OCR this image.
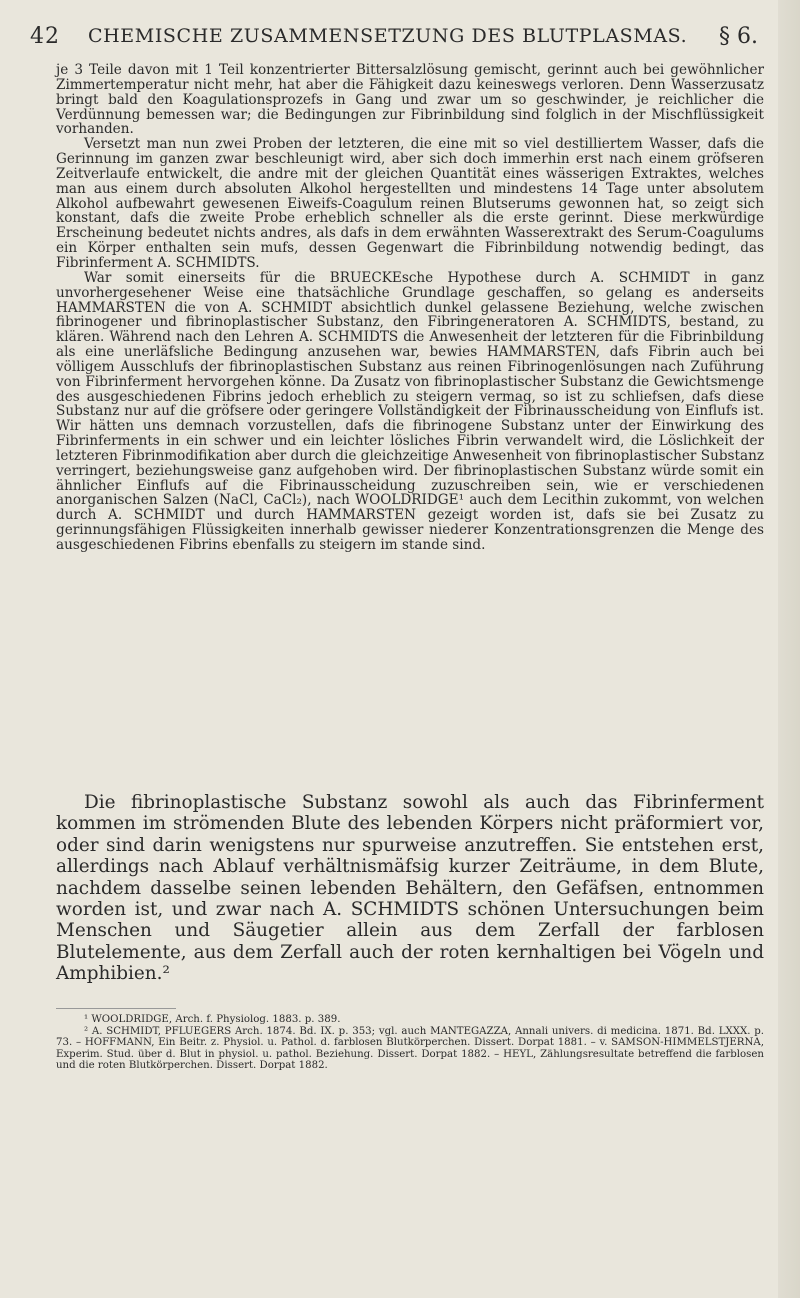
42 CHEMISCHE ZUSAMMENSETZUNG DES BLUTPLASMAS. § 6.

je 3 Teile davon mit 1 Teil konzentrierter Bittersalzlösung gemischt, gerinnt auch bei gewöhnlicher Zimmertemperatur nicht mehr, hat aber die Fähigkeit dazu keineswegs verloren. Denn Wasserzusatz bringt bald den Koagulationsprozefs in Gang und zwar um so geschwinder, je reichlicher die Verdünnung bemessen war; die Bedingungen zur Fibrinbildung sind folglich in der Mischflüssigkeit vorhanden.

Versetzt man nun zwei Proben der letzteren, die eine mit so viel destilliertem Wasser, dafs die Gerinnung im ganzen zwar beschleunigt wird, aber sich doch immerhin erst nach einem gröfseren Zeitverlaufe entwickelt, die andre mit der gleichen Quantität eines wässerigen Extraktes, welches man aus einem durch absoluten Alkohol hergestellten und mindestens 14 Tage unter absolutem Alkohol aufbewahrt gewesenen Eiweifs-Coagulum reinen Blutserums gewonnen hat, so zeigt sich konstant, dafs die zweite Probe erheblich schneller als die erste gerinnt. Diese merkwürdige Erscheinung bedeutet nichts andres, als dafs in dem erwähnten Wasserextrakt des Serum-Coagulums ein Körper enthalten sein mufs, dessen Gegenwart die Fibrinbildung notwendig bedingt, das Fibrinferment A. SCHMIDTS.

War somit einerseits für die BRUECKEsche Hypothese durch A. SCHMIDT in ganz unvorhergesehener Weise eine thatsächliche Grundlage geschaffen, so gelang es anderseits HAMMARSTEN die von A. SCHMIDT absichtlich dunkel gelassene Beziehung, welche zwischen fibrinogener und fibrinoplastischer Substanz, den Fibringeneratoren A. SCHMIDTS, bestand, zu klären. Während nach den Lehren A. SCHMIDTS die Anwesenheit der letzteren für die Fibrinbildung als eine unerläfsliche Bedingung anzusehen war, bewies HAMMARSTEN, dafs Fibrin auch bei völligem Ausschlufs der fibrinoplastischen Substanz aus reinen Fibrinogenlösungen nach Zuführung von Fibrinferment hervorgehen könne. Da Zusatz von fibrinoplastischer Substanz die Gewichtsmenge des ausgeschiedenen Fibrins jedoch erheblich zu steigern vermag, so ist zu schliefsen, dafs diese Substanz nur auf die gröfsere oder geringere Vollständigkeit der Fibrinausscheidung von Einflufs ist. Wir hätten uns demnach vorzustellen, dafs die fibrinogene Substanz unter der Einwirkung des Fibrinferments in ein schwer und ein leichter lösliches Fibrin verwandelt wird, die Löslichkeit der letzteren Fibrinmodifikation aber durch die gleichzeitige Anwesenheit von fibrinoplastischer Substanz verringert, beziehungsweise ganz aufgehoben wird. Der fibrinoplastischen Substanz würde somit ein ähnlicher Einflufs auf die Fibrinausscheidung zuzuschreiben sein, wie er verschiedenen anorganischen Salzen (NaCl, CaCl₂), nach WOOLDRIDGE¹ auch dem Lecithin zukommt, von welchen durch A. SCHMIDT und durch HAMMARSTEN gezeigt worden ist, dafs sie bei Zusatz zu gerinnungsfähigen Flüssigkeiten innerhalb gewisser niederer Konzentrationsgrenzen die Menge des ausgeschiedenen Fibrins ebenfalls zu steigern im stande sind.

Die fibrinoplastische Substanz sowohl als auch das Fibrinferment kommen im strömenden Blute des lebenden Körpers nicht präformiert vor, oder sind darin wenigstens nur spurweise anzutreffen. Sie entstehen erst, allerdings nach Ablauf verhältnismäfsig kurzer Zeiträume, in dem Blute, nachdem dasselbe seinen lebenden Behältern, den Gefäfsen, entnommen worden ist, und zwar nach A. SCHMIDTS schönen Untersuchungen beim Menschen und Säugetier allein aus dem Zerfall der farblosen Blutelemente, aus dem Zerfall auch der roten kernhaltigen bei Vögeln und Amphibien.²

¹ WOOLDRIDGE, Arch. f. Physiolog. 1883. p. 389.

² A. SCHMIDT, PFLUEGERS Arch. 1874. Bd. IX. p. 353; vgl. auch MANTEGAZZA, Annali univers. di medicina. 1871. Bd. LXXX. p. 73. – HOFFMANN, Ein Beitr. z. Physiol. u. Pathol. d. farblosen Blutkörperchen. Dissert. Dorpat 1881. – v. SAMSON-HIMMELSTJERNA, Experim. Stud. über d. Blut in physiol. u. pathol. Beziehung. Dissert. Dorpat 1882. – HEYL, Zählungsresultate betreffend die farblosen und die roten Blutkörperchen. Dissert. Dorpat 1882.
